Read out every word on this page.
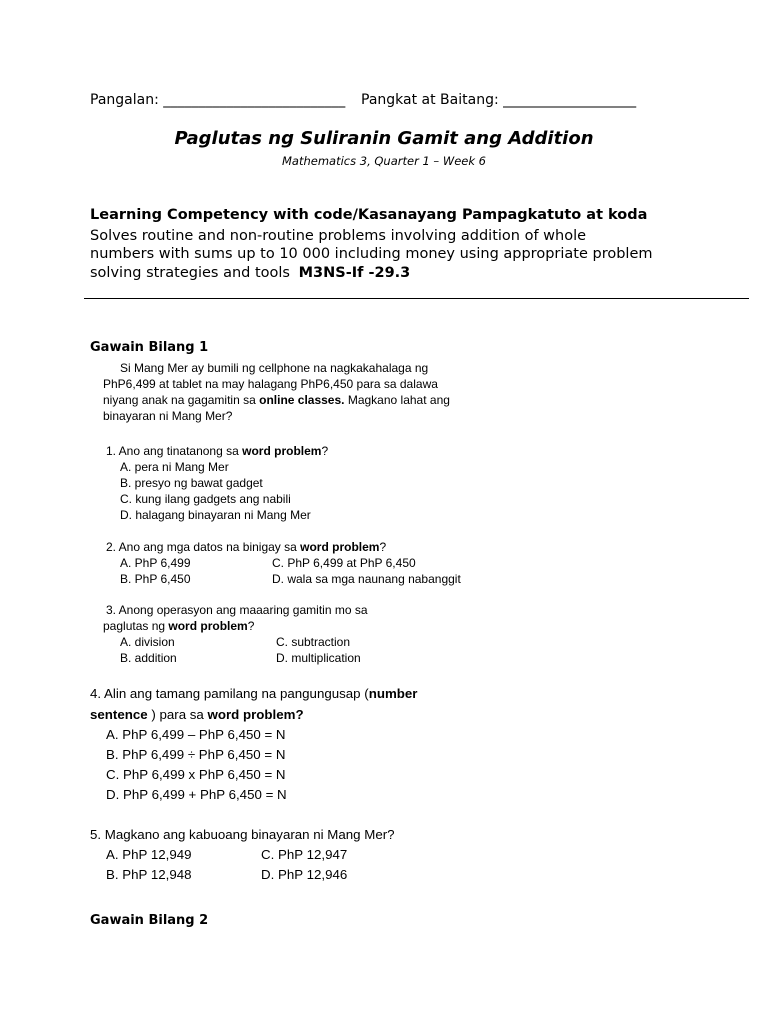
Pangalan: __________________________ Pangkat at Baitang: ___________________
Paglutas ng Suliranin Gamit ang Addition
Mathematics 3, Quarter 1 – Week 6
Learning Competency with code/Kasanayang Pampagkatuto at koda
Solves routine and non-routine problems involving addition of whole
numbers with sums up to 10 000 including money using appropriate problem
solving strategies and tools M3NS-If -29.3
Gawain Bilang 1
Si Mang Mer ay bumili ng cellphone na nagkakahalaga ng
PhP6,499 at tablet na may halagang PhP6,450 para sa dalawa
niyang anak na gagamitin sa online classes. Magkano lahat ang
binayaran ni Mang Mer?
1. Ano ang tinatanong sa word problem?
A. pera ni Mang Mer
B. presyo ng bawat gadget
C. kung ilang gadgets ang nabili
D. halagang binayaran ni Mang Mer
2. Ano ang mga datos na binigay sa word problem?
A. PhP 6,499	C. PhP 6,499 at PhP 6,450
B. PhP 6,450	D. wala sa mga naunang nabanggit
3. Anong operasyon ang maaaring gamitin mo sa
paglutas ng word problem?
A. division	C. subtraction
B. addition	D. multiplication
4. Alin ang tamang pamilang na pangungusap (number
sentence ) para sa word problem?
A. PhP 6,499 – PhP 6,450 = N
B. PhP 6,499 ÷ PhP 6,450 = N
C. PhP 6,499 x PhP 6,450 = N
D. PhP 6,499 + PhP 6,450 = N
5. Magkano ang kabuoang binayaran ni Mang Mer?
A. PhP 12,949	C. PhP 12,947
B. PhP 12,948	D. PhP 12,946
Gawain Bilang 2
